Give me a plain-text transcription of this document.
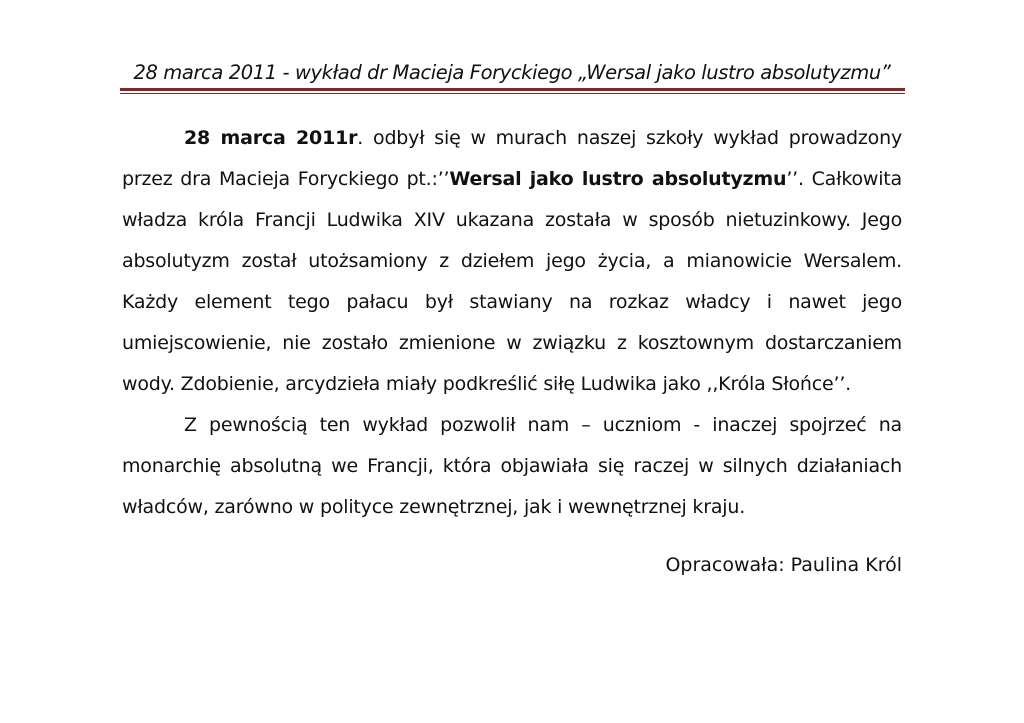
28 marca 2011 - wykład dr Macieja Foryckiego „Wersal jako lustro absolutyzmu”

28 marca 2011r. odbył się w murach naszej szkoły wykład prowadzony przez dra Macieja Foryckiego pt.:’’Wersal jako lustro absolutyzmu’’. Całkowita władza króla Francji Ludwika XIV ukazana została w sposób nietuzinkowy. Jego absolutyzm został utożsamiony z dziełem jego życia, a mianowicie Wersalem. Każdy element tego pałacu był stawiany na rozkaz władcy i nawet jego umiejscowienie, nie zostało zmienione w związku z kosztownym dostarczaniem wody. Zdobienie, arcydzieła miały podkreślić siłę Ludwika jako ,,Króla Słońce’’.

Z pewnością ten wykład pozwolił nam – uczniom - inaczej spojrzeć na monarchię absolutną we Francji, która objawiała się raczej w silnych działaniach władców, zarówno w polityce zewnętrznej, jak i wewnętrznej kraju.

Opracowała: Paulina Król
